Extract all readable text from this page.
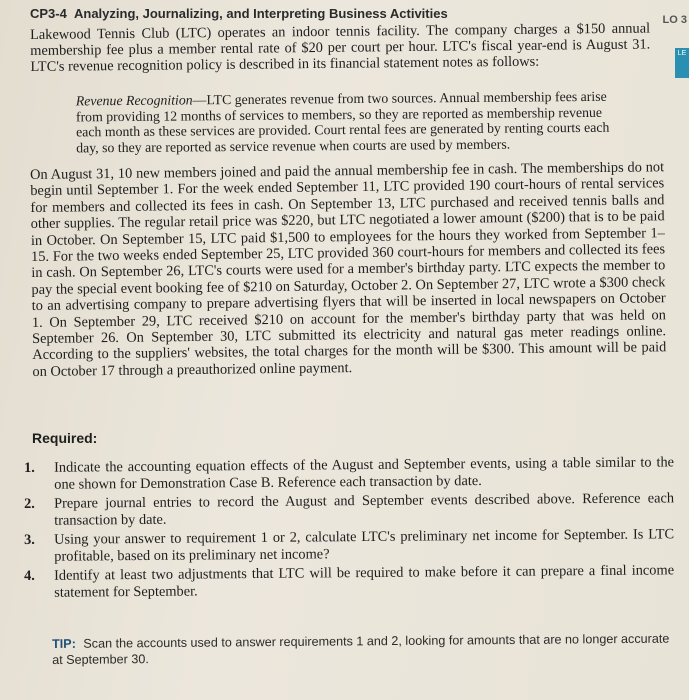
CP3-4 Analyzing, Journalizing, and Interpreting Business Activities	LO 3
LE

Lakewood Tennis Club (LTC) operates an indoor tennis facility. The company charges a $150 annual membership fee plus a member rental rate of $20 per court per hour. LTC's fiscal year-end is August 31. LTC's revenue recognition policy is described in its financial statement notes as follows:

Revenue Recognition—LTC generates revenue from two sources. Annual membership fees arise from providing 12 months of services to members, so they are reported as membership revenue each month as these services are provided. Court rental fees are generated by renting courts each day, so they are reported as service revenue when courts are used by members.

On August 31, 10 new members joined and paid the annual membership fee in cash. The memberships do not begin until September 1. For the week ended September 11, LTC provided 190 court-hours of rental services for members and collected its fees in cash. On September 13, LTC purchased and received tennis balls and other supplies. The regular retail price was $220, but LTC negotiated a lower amount ($200) that is to be paid in October. On September 15, LTC paid $1,500 to employees for the hours they worked from September 1–15. For the two weeks ended September 25, LTC provided 360 court-hours for members and collected its fees in cash. On September 26, LTC's courts were used for a member's birthday party. LTC expects the member to pay the special event booking fee of $210 on Saturday, October 2. On September 27, LTC wrote a $300 check to an advertising company to prepare advertising flyers that will be inserted in local newspapers on October 1. On September 29, LTC received $210 on account for the member's birthday party that was held on September 26. On September 30, LTC submitted its electricity and natural gas meter readings online. According to the suppliers' websites, the total charges for the month will be $300. This amount will be paid on October 17 through a preauthorized online payment.

Required:
1. Indicate the accounting equation effects of the August and September events, using a table similar to the one shown for Demonstration Case B. Reference each transaction by date.
2. Prepare journal entries to record the August and September events described above. Reference each transaction by date.
3. Using your answer to requirement 1 or 2, calculate LTC's preliminary net income for September. Is LTC profitable, based on its preliminary net income?
4. Identify at least two adjustments that LTC will be required to make before it can prepare a final income statement for September.
TIP: Scan the accounts used to answer requirements 1 and 2, looking for amounts that are no longer accurate at September 30.
